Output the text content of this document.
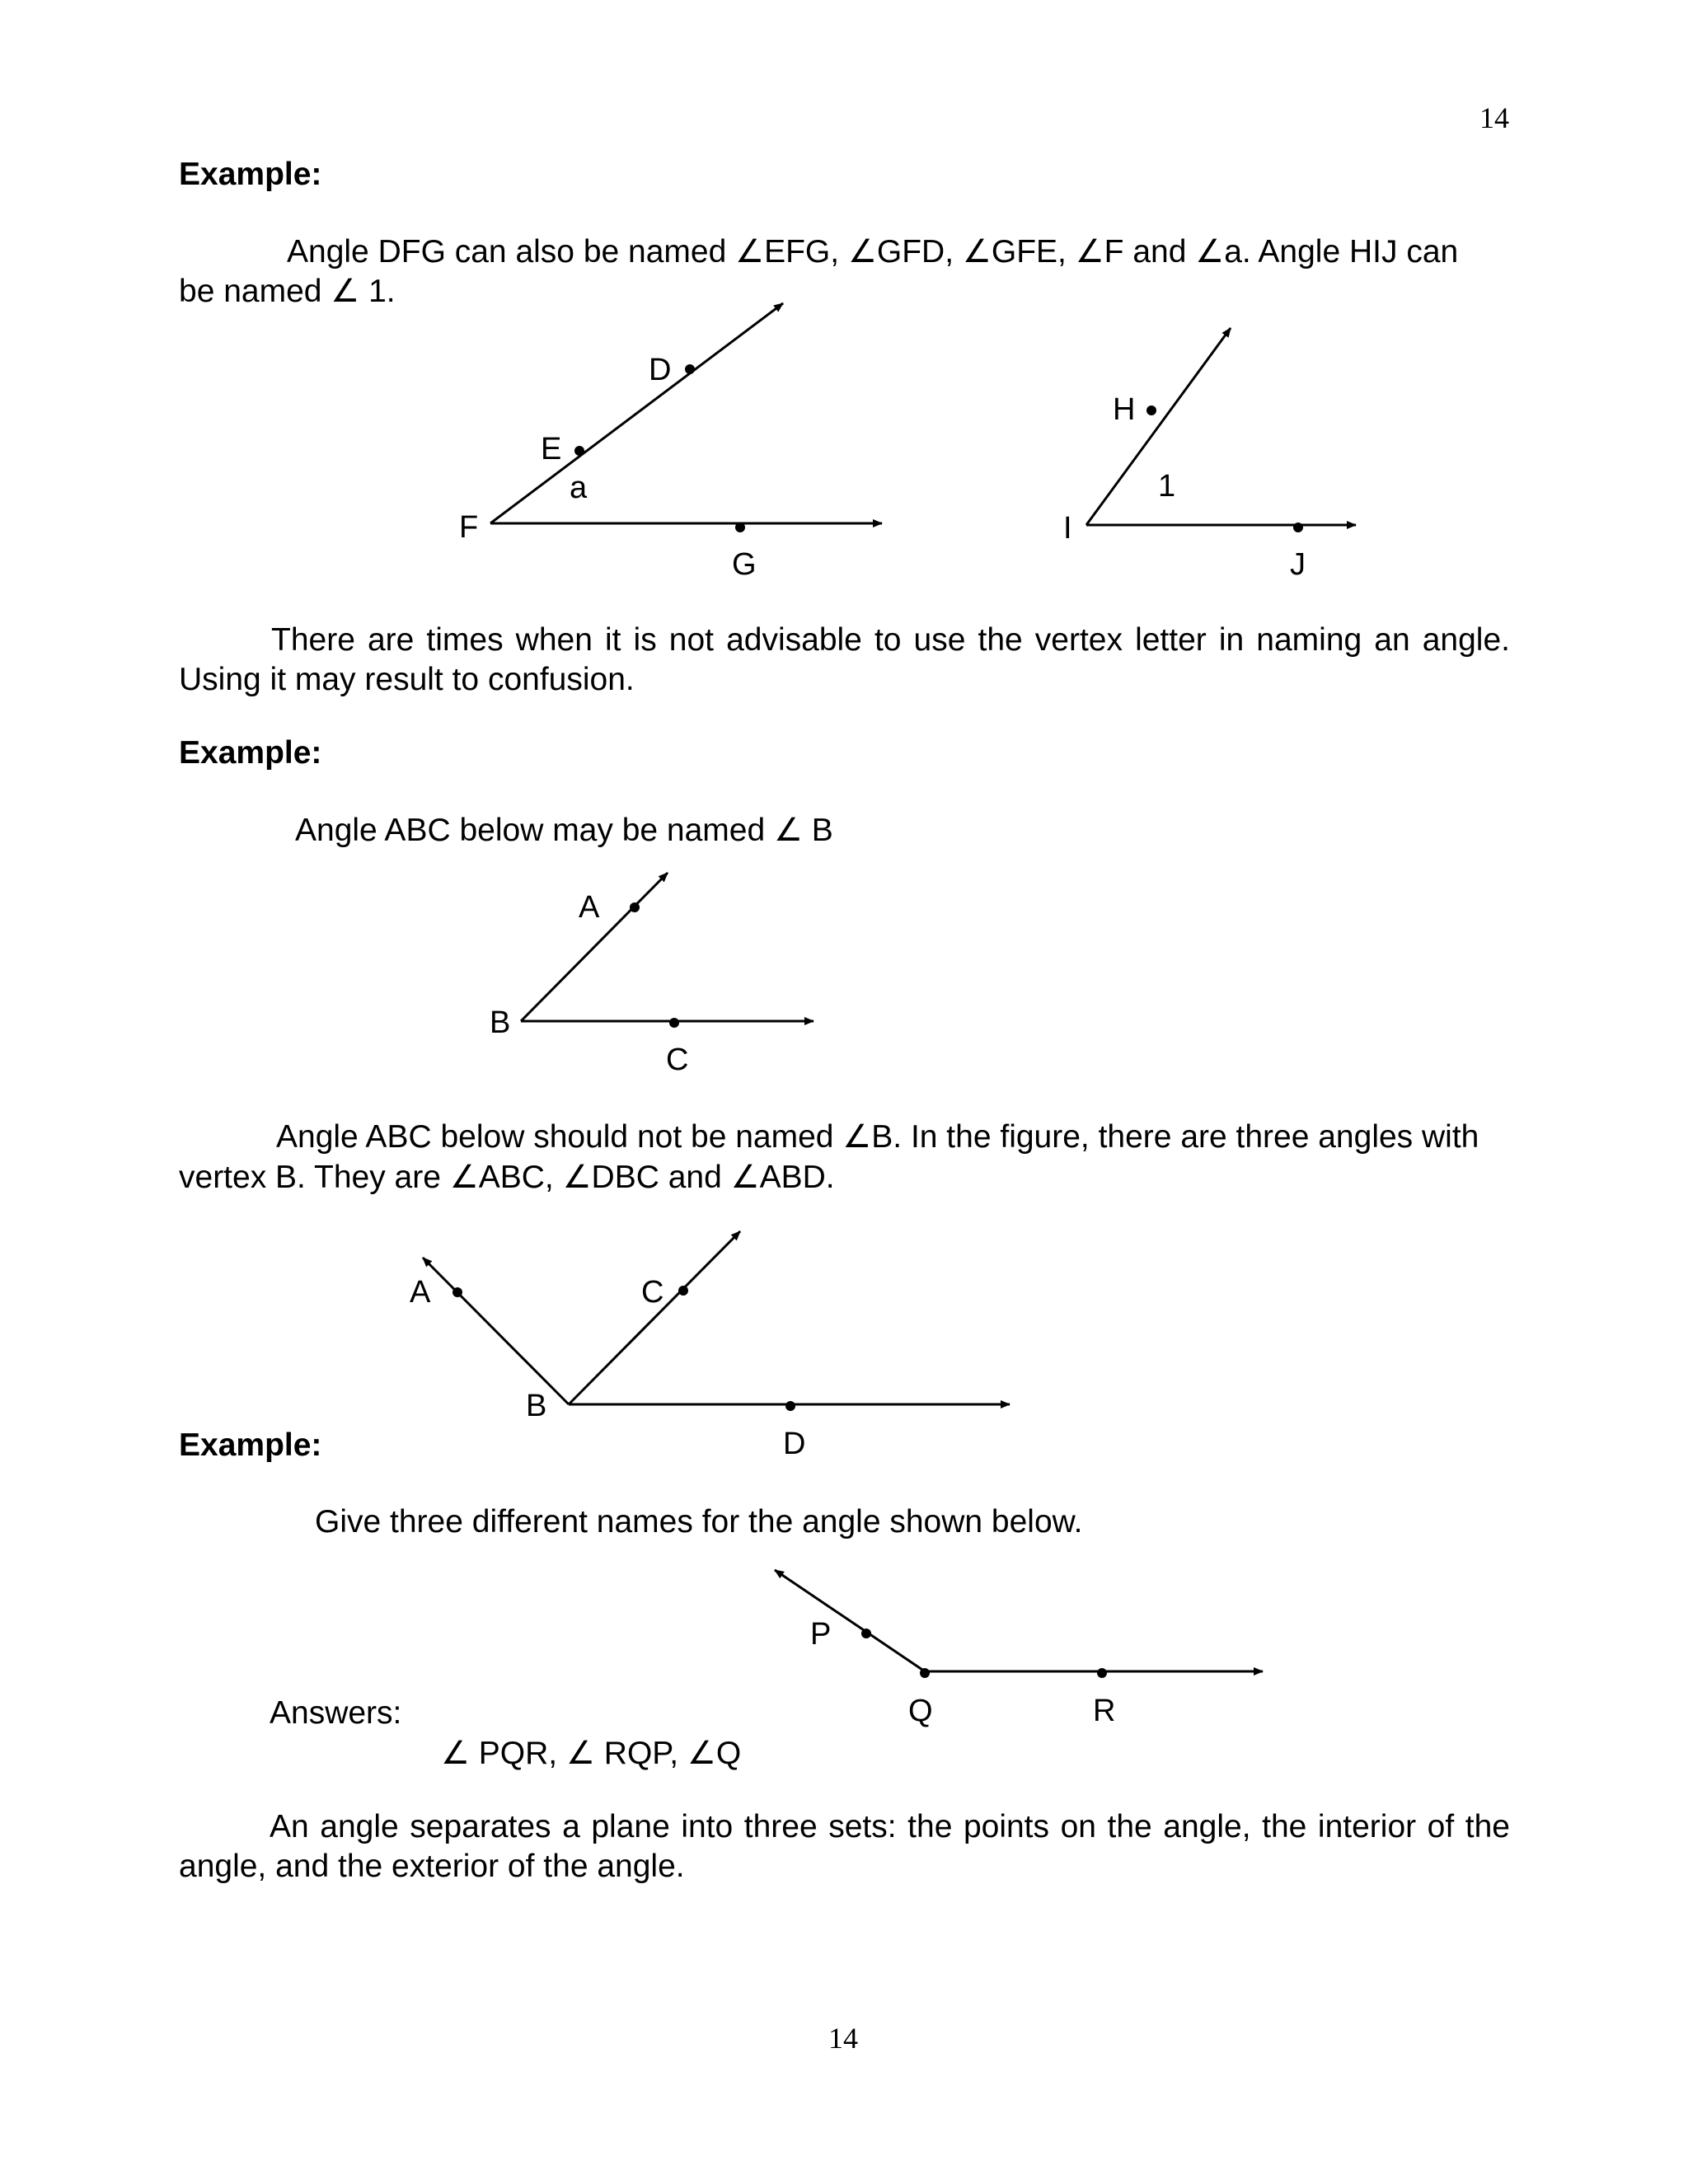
14
14
Example:
Angle DFG can also be named ∠EFG, ∠GFD, ∠GFE, ∠F and ∠a. Angle HIJ can
be named ∠ 1.
There are times when it is not advisable to use the vertex letter in naming an angle.
Using it may result to confusion.
Example:
Angle ABC below may be named ∠ B
Angle ABC below should not be named ∠B. In the figure, there are three angles with
vertex B. They are ∠ABC, ∠DBC and ∠ABD.
Example:
Give three different names for the angle shown below.
Answers:
∠ PQR, ∠ RQP, ∠Q
An angle separates a plane into three sets: the points on the angle, the interior of the
angle, and the exterior of the angle.
D
E
a
F
G
H
1
I
J
A
B
C
A	C
B
D
P
Q	R
